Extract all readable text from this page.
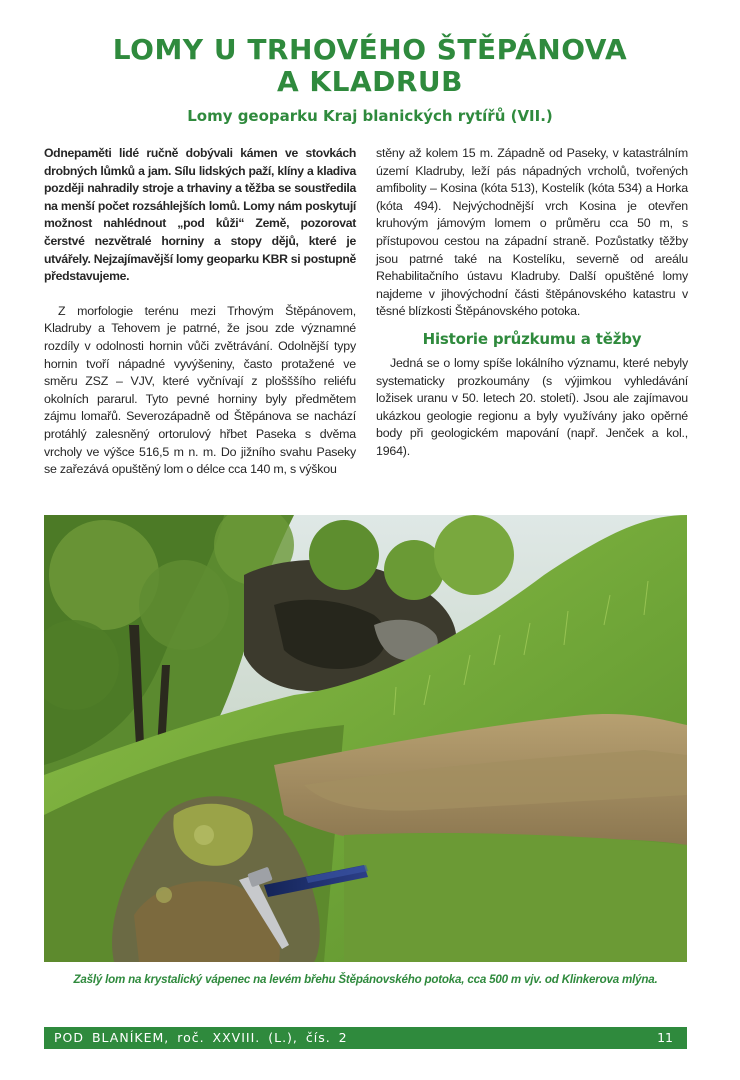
LOMY U TRHOVÉHO ŠTĚPÁNOVA
A KLADRUB
Lomy geoparku Kraj blanických rytířů (VII.)

Odnepaměti lidé ručně dobývali kámen ve stovkách drobných lůmků a jam. Sílu lidských paží, klíny a kladiva později nahradily stroje a trhaviny a těžba se soustředila na menší počet rozsáhlejších lomů. Lomy nám poskytují možnost nahlédnout „pod kůži“ Země, pozorovat čerstvé nezvětralé horniny a stopy dějů, které je utvářely. Nejzajímavější lomy geoparku KBR si postupně představujeme.

Z morfologie terénu mezi Trhovým Štěpánovem, Kladruby a Tehovem je patrné, že jsou zde významné rozdíly v odolnosti hornin vůči zvětrávání. Odolnější typy hornin tvoří nápadné vyvýšeniny, často protažené ve směru ZSZ – VJV, které vyčnívají z plošššího reliéfu okolních pararul. Tyto pevné horniny byly předmětem zájmu lomařů. Severozápadně od Štěpánova se nachází protáhlý zalesněný ortorulový hřbet Paseka s dvěma vrcholy ve výšce 516,5 m n. m. Do jižního svahu Paseky se zařezává opuštěný lom o délce cca 140 m, s výškou

stěny až kolem 15 m. Západně od Paseky, v katastrálním území Kladruby, leží pás nápadných vrcholů, tvořených amfibolity – Kosina (kóta 513), Kostelík (kóta 534) a Horka (kóta 494). Nejvýchodnější vrch Kosina je otevřen kruhovým jámovým lomem o průměru cca 50 m, s přístupovou cestou na západní straně. Pozůstatky těžby jsou patrné také na Kostelíku, severně od areálu Rehabilitačního ústavu Kladruby. Další opuštěné lomy najdeme v jihovýchodní části štěpánovského katastru v těsné blízkosti Štěpánovského potoka.

Historie průzkumu a těžby

Jedná se o lomy spíše lokálního významu, které nebyly systematicky prozkoumány (s výjimkou vyhledávání ložisek uranu v 50. letech 20. století). Jsou ale zajímavou ukázkou geologie regionu a byly využívány jako opěrné body při geologickém mapování (např. Jenček a kol., 1964).

Zašlý lom na krystalický vápenec na levém břehu Štěpánovského potoka, cca 500 m vjv. od Klinkerova mlýna.

POD BLANÍKEM, roč. XXVIII. (L.), čís. 2	11
